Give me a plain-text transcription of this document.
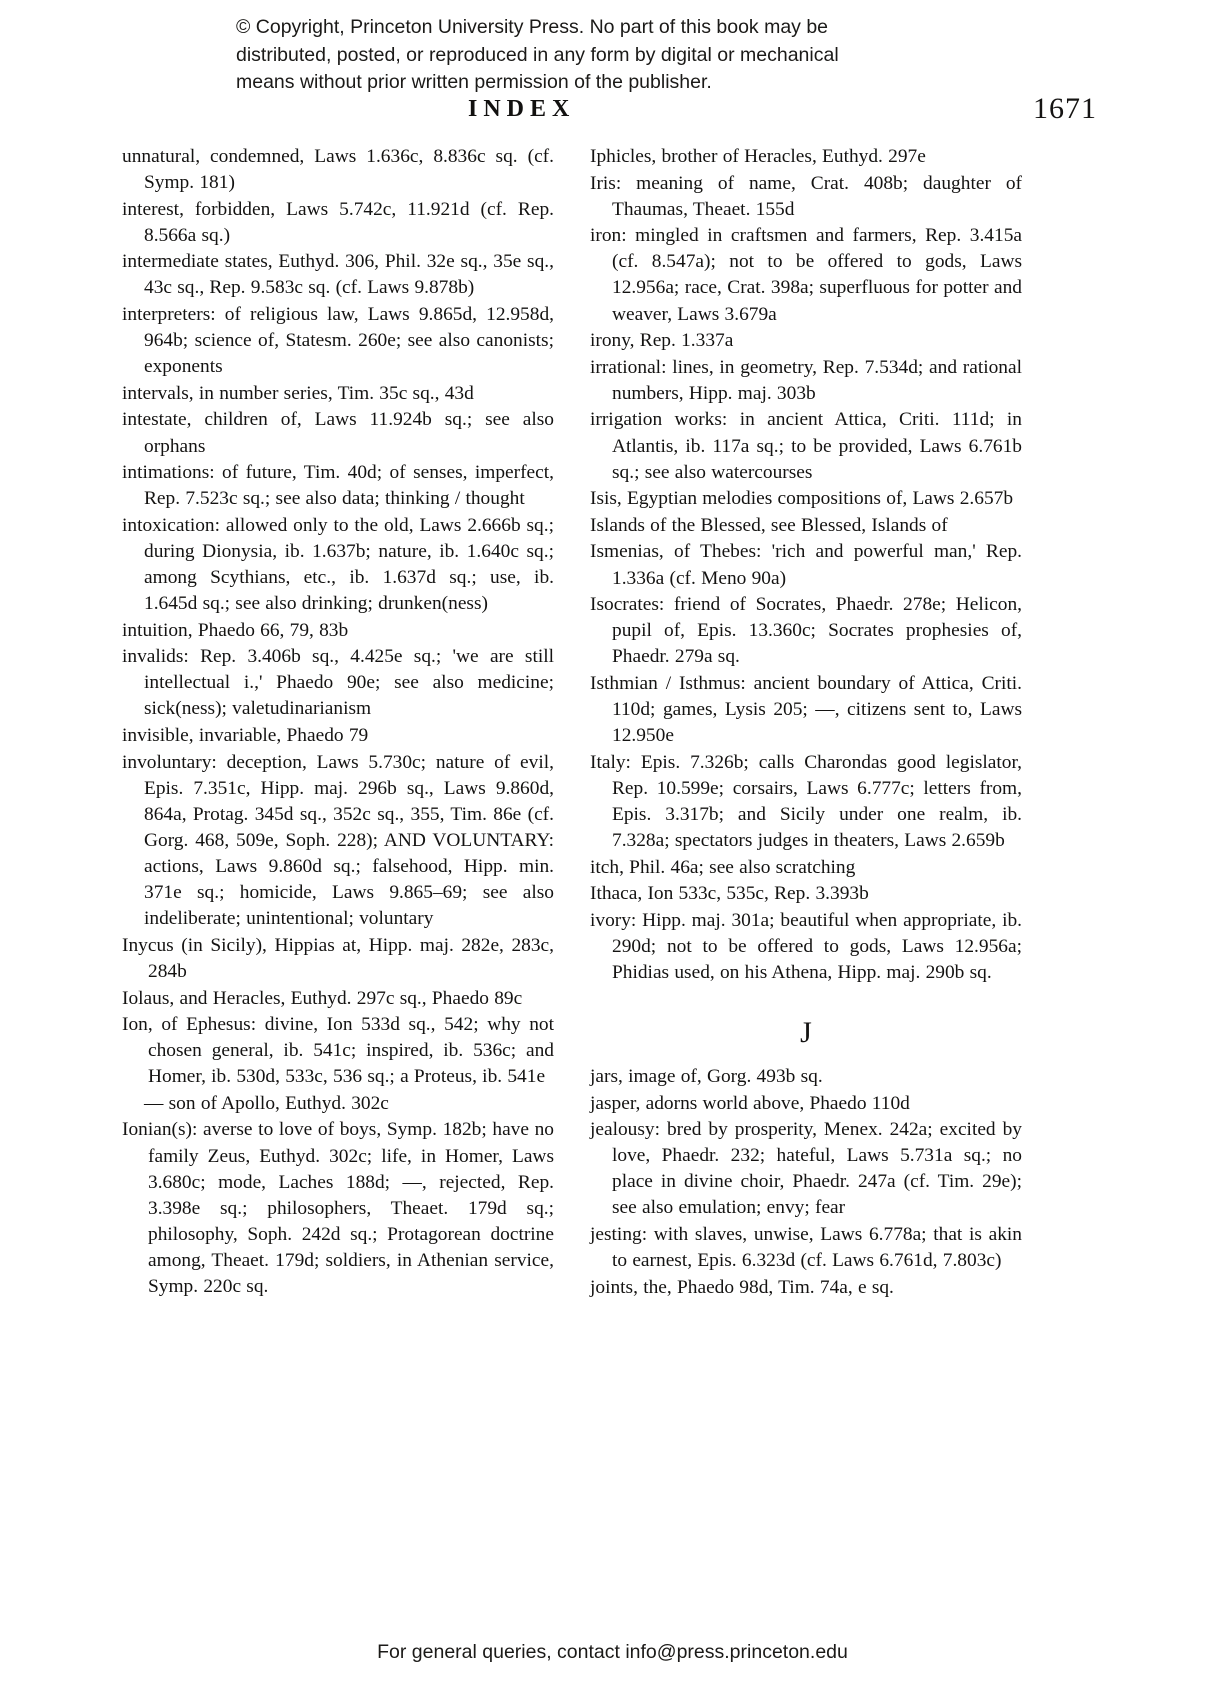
© Copyright, Princeton University Press. No part of this book may be
distributed, posted, or reproduced in any form by digital or mechanical
means without prior written permission of the publisher.
INDEX	1671

unnatural, condemned, Laws 1.636c, 8.836c sq. (cf. Symp. 181)

interest, forbidden, Laws 5.742c, 11.921d (cf. Rep. 8.566a sq.)

intermediate states, Euthyd. 306, Phil. 32e sq., 35e sq., 43c sq., Rep. 9.583c sq. (cf. Laws 9.878b)

interpreters: of religious law, Laws 9.865d, 12.958d, 964b; science of, Statesm. 260e; see also canonists; exponents

intervals, in number series, Tim. 35c sq., 43d

intestate, children of, Laws 11.924b sq.; see also orphans

intimations: of future, Tim. 40d; of senses, imperfect, Rep. 7.523c sq.; see also data; thinking / thought

intoxication: allowed only to the old, Laws 2.666b sq.; during Dionysia, ib. 1.637b; nature, ib. 1.640c sq.; among Scythians, etc., ib. 1.637d sq.; use, ib. 1.645d sq.; see also drinking; drunken(ness)

intuition, Phaedo 66, 79, 83b

invalids: Rep. 3.406b sq., 4.425e sq.; 'we are still intellectual i.,' Phaedo 90e; see also medicine; sick(ness); valetudinarianism

invisible, invariable, Phaedo 79

involuntary: deception, Laws 5.730c; nature of evil, Epis. 7.351c, Hipp. maj. 296b sq., Laws 9.860d, 864a, Protag. 345d sq., 352c sq., 355, Tim. 86e (cf. Gorg. 468, 509e, Soph. 228); AND VOLUNTARY: actions, Laws 9.860d sq.; falsehood, Hipp. min. 371e sq.; homicide, Laws 9.865–69; see also indeliberate; unintentional; voluntary

Inycus (in Sicily), Hippias at, Hipp. maj. 282e, 283c, 284b

Iolaus, and Heracles, Euthyd. 297c sq., Phaedo 89c

Ion, of Ephesus: divine, Ion 533d sq., 542; why not chosen general, ib. 541c; inspired, ib. 536c; and Homer, ib. 530d, 533c, 536 sq.; a Proteus, ib. 541e

— son of Apollo, Euthyd. 302c

Ionian(s): averse to love of boys, Symp. 182b; have no family Zeus, Euthyd. 302c; life, in Homer, Laws 3.680c; mode, Laches 188d; —, rejected, Rep. 3.398e sq.; philosophers, Theaet. 179d sq.; philosophy, Soph. 242d sq.; Protagorean doctrine among, Theaet. 179d; soldiers, in Athenian service, Symp. 220c sq.

Iphicles, brother of Heracles, Euthyd. 297e

Iris: meaning of name, Crat. 408b; daughter of Thaumas, Theaet. 155d

iron: mingled in craftsmen and farmers, Rep. 3.415a (cf. 8.547a); not to be offered to gods, Laws 12.956a; race, Crat. 398a; superfluous for potter and weaver, Laws 3.679a

irony, Rep. 1.337a

irrational: lines, in geometry, Rep. 7.534d; and rational numbers, Hipp. maj. 303b

irrigation works: in ancient Attica, Criti. 111d; in Atlantis, ib. 117a sq.; to be provided, Laws 6.761b sq.; see also watercourses

Isis, Egyptian melodies compositions of, Laws 2.657b

Islands of the Blessed, see Blessed, Islands of

Ismenias, of Thebes: 'rich and powerful man,' Rep. 1.336a (cf. Meno 90a)

Isocrates: friend of Socrates, Phaedr. 278e; Helicon, pupil of, Epis. 13.360c; Socrates prophesies of, Phaedr. 279a sq.

Isthmian / Isthmus: ancient boundary of Attica, Criti. 110d; games, Lysis 205; —, citizens sent to, Laws 12.950e

Italy: Epis. 7.326b; calls Charondas good legislator, Rep. 10.599e; corsairs, Laws 6.777c; letters from, Epis. 3.317b; and Sicily under one realm, ib. 7.328a; spectators judges in theaters, Laws 2.659b

itch, Phil. 46a; see also scratching

Ithaca, Ion 533c, 535c, Rep. 3.393b

ivory: Hipp. maj. 301a; beautiful when appropriate, ib. 290d; not to be offered to gods, Laws 12.956a; Phidias used, on his Athena, Hipp. maj. 290b sq.

J

jars, image of, Gorg. 493b sq.

jasper, adorns world above, Phaedo 110d

jealousy: bred by prosperity, Menex. 242a; excited by love, Phaedr. 232; hateful, Laws 5.731a sq.; no place in divine choir, Phaedr. 247a (cf. Tim. 29e); see also emulation; envy; fear

jesting: with slaves, unwise, Laws 6.778a; that is akin to earnest, Epis. 6.323d (cf. Laws 6.761d, 7.803c)

joints, the, Phaedo 98d, Tim. 74a, e sq.

For general queries, contact info@press.princeton.edu
